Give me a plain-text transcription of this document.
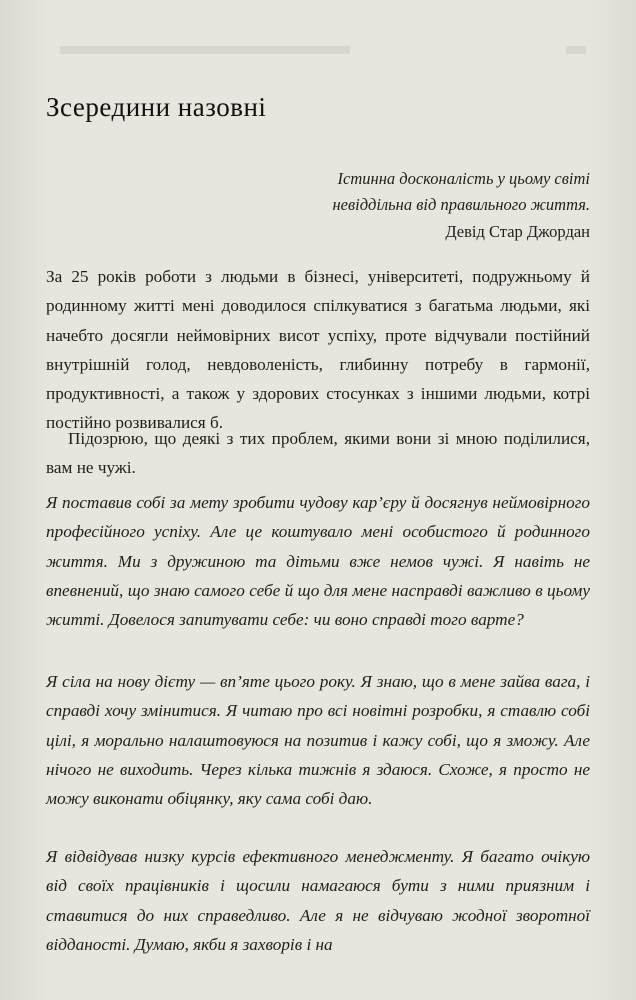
Зсередини назовні
Істинна досконалість у цьому світі
невіддільна від правильного життя.
Девід Стар Джордан

За 25 років роботи з людьми в бізнесі, університеті, подружньому й родинному житті мені доводилося спілкуватися з багатьма людьми, які начебто досягли неймовірних висот успіху, проте відчували постійний внутрішній голод, невдоволеність, глибинну потребу в гармонії, продуктивності, а також у здорових стосунках з іншими людьми, котрі постійно розвивалися б.

Підозрюю, що деякі з тих проблем, якими вони зі мною поділилися, вам не чужі.

Я поставив собі за мету зробити чудову кар’єру й досягнув неймовірного професійного успіху. Але це коштувало мені особистого й родинного життя. Ми з дружиною та дітьми вже немов чужі. Я навіть не впевнений, що знаю самого себе й що для мене насправді важливо в цьому житті. Довелося запитувати себе: чи воно справді того варте?

Я сіла на нову дієту — вп’яте цього року. Я знаю, що в мене зайва вага, і справді хочу змінитися. Я читаю про всі новітні розробки, я ставлю собі цілі, я морально налаштовуюся на позитив і кажу собі, що я зможу. Але нічого не виходить. Через кілька тижнів я здаюся. Схоже, я просто не можу виконати обіцянку, яку сама собі даю.

Я відвідував низку курсів ефективного менеджменту. Я багато очікую від своїх працівників і щосили намагаюся бути з ними приязним і ставитися до них справедливо. Але я не відчуваю жодної зворотної відданості. Думаю, якби я захворів і на
